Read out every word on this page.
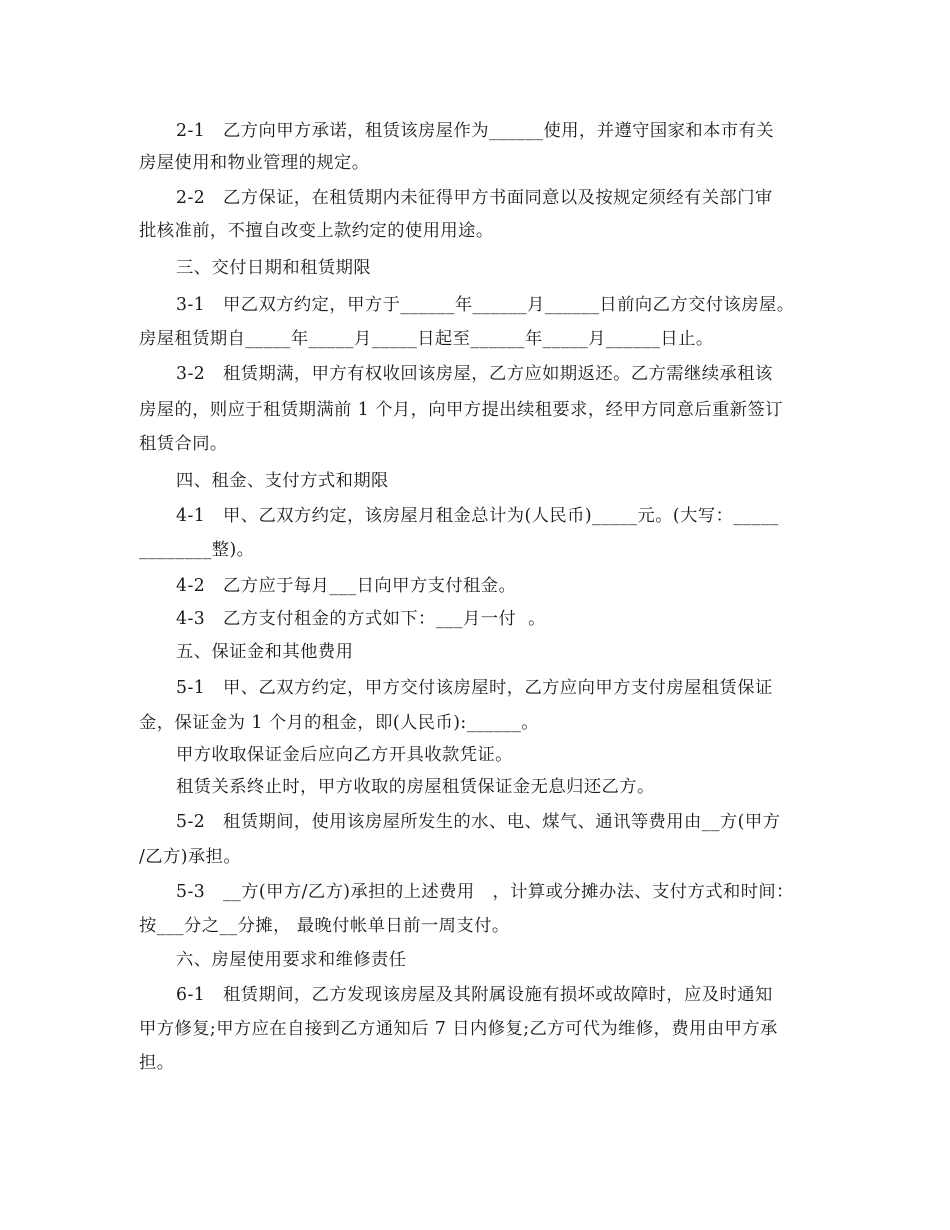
2-1   乙方向甲方承诺，租赁该房屋作为______使用，并遵守国家和本市有关
房屋使用和物业管理的规定。
2-2   乙方保证，在租赁期内未征得甲方书面同意以及按规定须经有关部门审
批核准前，不擅自改变上款约定的使用用途。
三、交付日期和租赁期限
3-1   甲乙双方约定，甲方于______年______月______日前向乙方交付该房屋。
房屋租赁期自_____年_____月_____日起至______年_____月______日止。
3-2   租赁期满，甲方有权收回该房屋，乙方应如期返还。乙方需继续承租该
房屋的，则应于租赁期满前 1 个月，向甲方提出续租要求，经甲方同意后重新签订
租赁合同。
四、租金、支付方式和期限
4-1   甲、乙双方约定，该房屋月租金总计为(人民币)_____元。(大写：_____
________整)。
4-2   乙方应于每月___日向甲方支付租金。
4-3   乙方支付租金的方式如下：___月一付  。
五、保证金和其他费用
5-1   甲、乙双方约定，甲方交付该房屋时，乙方应向甲方支付房屋租赁保证
金，保证金为 1 个月的租金，即(人民币):______。
甲方收取保证金后应向乙方开具收款凭证。
租赁关系终止时，甲方收取的房屋租赁保证金无息归还乙方。
5-2   租赁期间，使用该房屋所发生的水、电、煤气、通讯等费用由__方(甲方
/乙方)承担。
5-3   __方(甲方/乙方)承担的上述费用   ，计算或分摊办法、支付方式和时间：
按___分之__分摊， 最晚付帐单日前一周支付。
六、房屋使用要求和维修责任
6-1   租赁期间，乙方发现该房屋及其附属设施有损坏或故障时，应及时通知
甲方修复;甲方应在自接到乙方通知后 7 日内修复;乙方可代为维修，费用由甲方承
担。
